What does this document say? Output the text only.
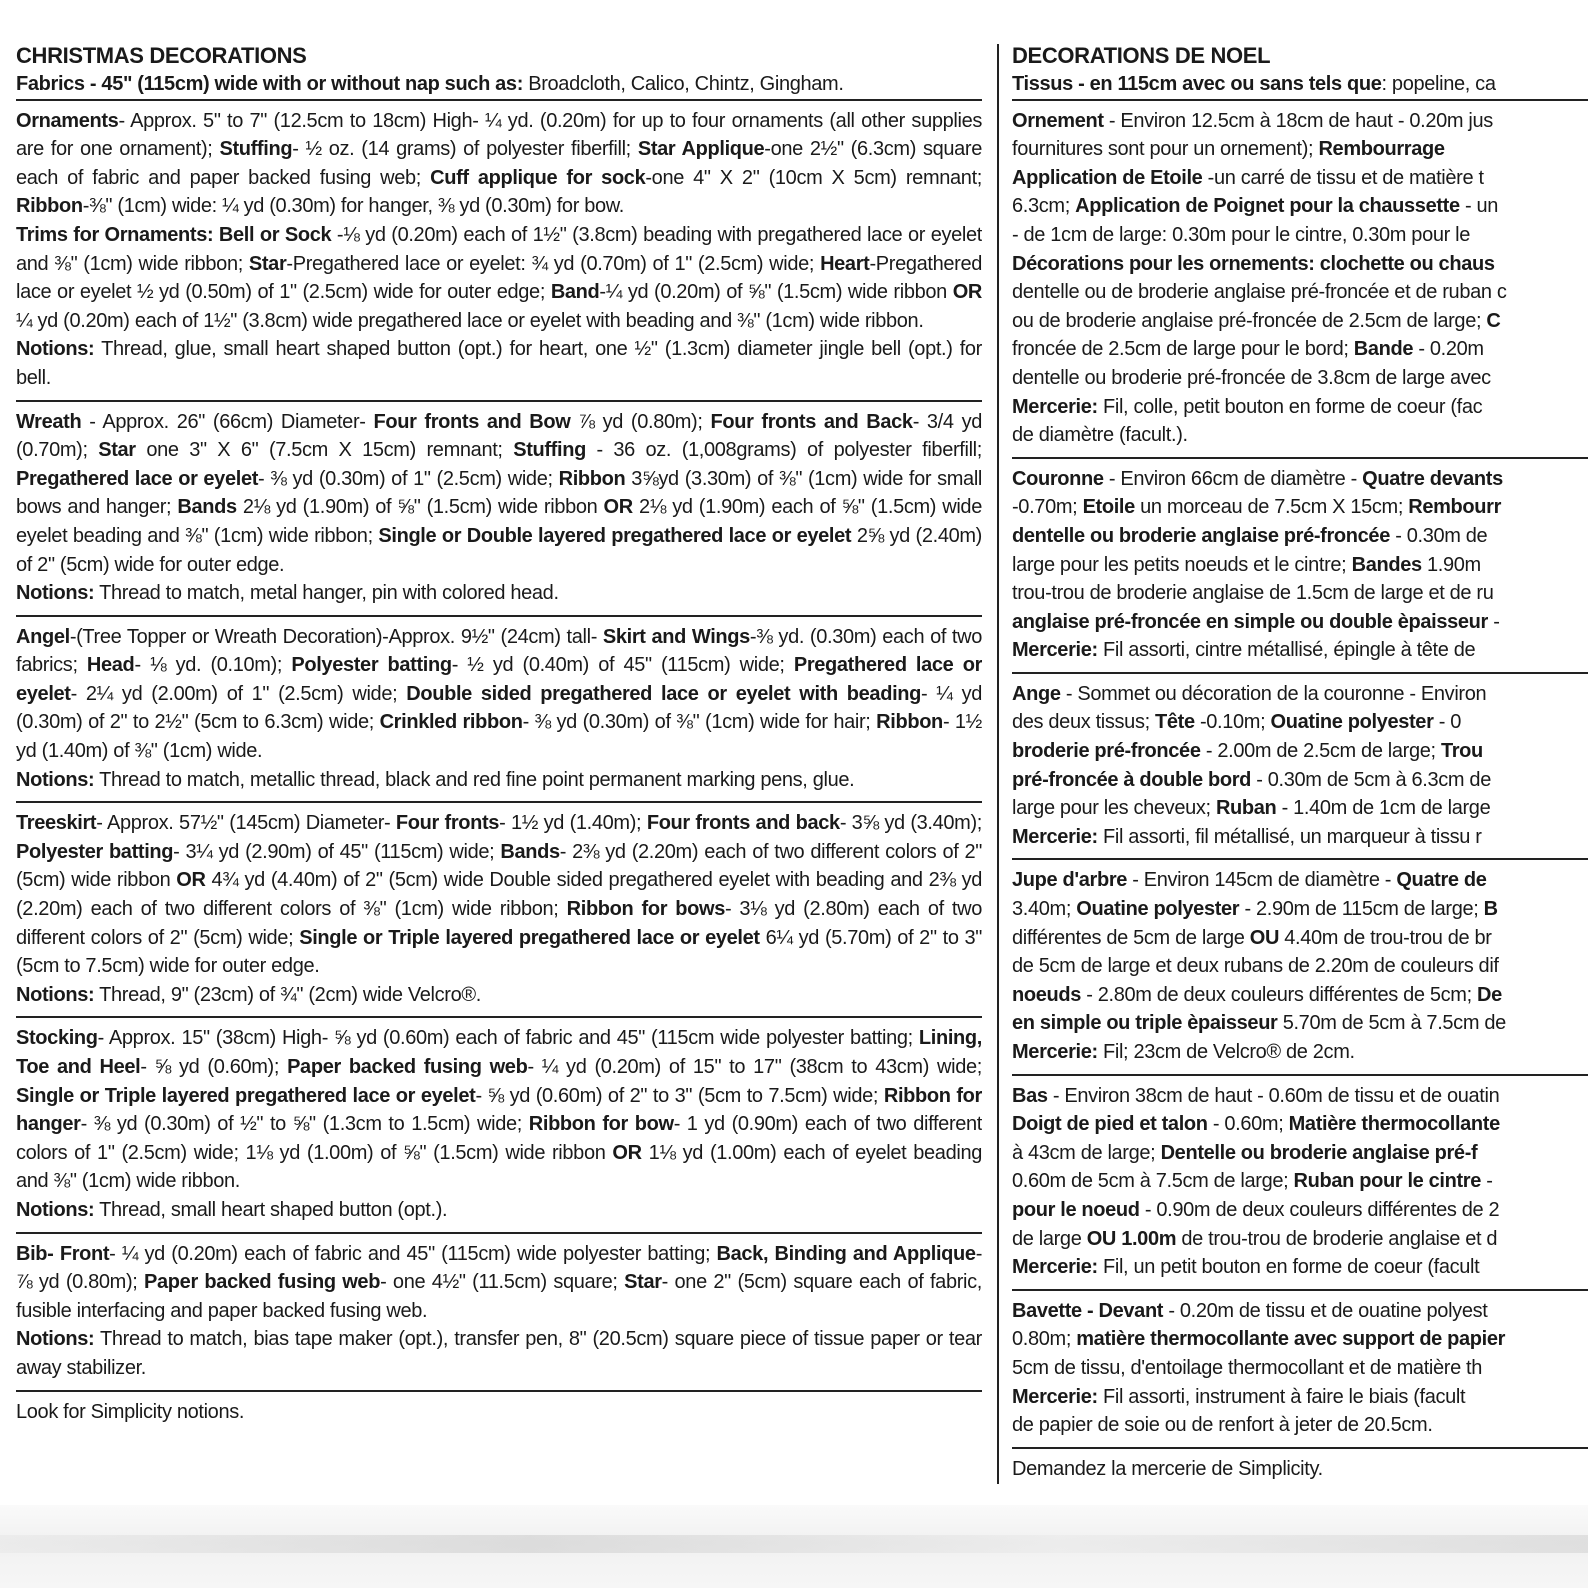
CHRISTMAS DECORATIONS
Fabrics - 45" (115cm) wide with or without nap such as: Broadcloth, Calico, Chintz, Gingham.
Ornaments- Approx. 5" to 7" (12.5cm to 18cm) High- ¼ yd. (0.20m) for up to four ornaments (all other supplies are for one ornament); Stuffing- ½ oz. (14 grams) of polyester fiberfill; Star Applique-one 2½" (6.3cm) square each of fabric and paper backed fusing web; Cuff applique for sock-one 4" X 2" (10cm X 5cm) remnant; Ribbon-⅜" (1cm) wide: ¼ yd (0.30m) for hanger, ⅜ yd (0.30m) for bow.
Trims for Ornaments: Bell or Sock -⅛ yd (0.20m) each of 1½" (3.8cm) beading with pregathered lace or eyelet and ⅜" (1cm) wide ribbon; Star-Pregathered lace or eyelet: ¾ yd (0.70m) of 1" (2.5cm) wide; Heart-Pregathered lace or eyelet ½ yd (0.50m) of 1" (2.5cm) wide for outer edge; Band-¼ yd (0.20m) of ⅝" (1.5cm) wide ribbon OR ¼ yd (0.20m) each of 1½" (3.8cm) wide pregathered lace or eyelet with beading and ⅜" (1cm) wide ribbon.
Notions: Thread, glue, small heart shaped button (opt.) for heart, one ½" (1.3cm) diameter jingle bell (opt.) for bell.
Wreath - Approx. 26" (66cm) Diameter- Four fronts and Bow ⅞ yd (0.80m); Four fronts and Back- 3/4 yd (0.70m); Star one 3" X 6" (7.5cm X 15cm) remnant; Stuffing - 36 oz. (1,008grams) of polyester fiberfill; Pregathered lace or eyelet- ⅜ yd (0.30m) of 1" (2.5cm) wide; Ribbon 3⅝yd (3.30m) of ⅜" (1cm) wide for small bows and hanger; Bands 2⅛ yd (1.90m) of ⅝" (1.5cm) wide ribbon OR 2⅛ yd (1.90m) each of ⅝" (1.5cm) wide eyelet beading and ⅜" (1cm) wide ribbon; Single or Double layered pregathered lace or eyelet 2⅝ yd (2.40m) of 2" (5cm) wide for outer edge.
Notions: Thread to match, metal hanger, pin with colored head.
Angel-(Tree Topper or Wreath Decoration)-Approx. 9½" (24cm) tall- Skirt and Wings-⅜ yd. (0.30m) each of two fabrics; Head- ⅛ yd. (0.10m); Polyester batting- ½ yd (0.40m) of 45" (115cm) wide; Pregathered lace or eyelet- 2¼ yd (2.00m) of 1" (2.5cm) wide; Double sided pregathered lace or eyelet with beading- ¼ yd (0.30m) of 2" to 2½" (5cm to 6.3cm) wide; Crinkled ribbon- ⅜ yd (0.30m) of ⅜" (1cm) wide for hair; Ribbon- 1½ yd (1.40m) of ⅜" (1cm) wide.
Notions: Thread to match, metallic thread, black and red fine point permanent marking pens, glue.
Treeskirt- Approx. 57½" (145cm) Diameter- Four fronts- 1½ yd (1.40m); Four fronts and back- 3⅝ yd (3.40m); Polyester batting- 3¼ yd (2.90m) of 45" (115cm) wide; Bands- 2⅜ yd (2.20m) each of two different colors of 2" (5cm) wide ribbon OR 4¾ yd (4.40m) of 2" (5cm) wide Double sided pregathered eyelet with beading and 2⅜ yd (2.20m) each of two different colors of ⅜" (1cm) wide ribbon; Ribbon for bows- 3⅛ yd (2.80m) each of two different colors of 2" (5cm) wide; Single or Triple layered pregathered lace or eyelet 6¼ yd (5.70m) of 2" to 3" (5cm to 7.5cm) wide for outer edge.
Notions: Thread, 9" (23cm) of ¾" (2cm) wide Velcro®.
Stocking- Approx. 15" (38cm) High- ⅝ yd (0.60m) each of fabric and 45" (115cm wide polyester batting; Lining, Toe and Heel- ⅝ yd (0.60m); Paper backed fusing web- ¼ yd (0.20m) of 15" to 17" (38cm to 43cm) wide; Single or Triple layered pregathered lace or eyelet- ⅝ yd (0.60m) of 2" to 3" (5cm to 7.5cm) wide; Ribbon for hanger- ⅜ yd (0.30m) of ½" to ⅝" (1.3cm to 1.5cm) wide; Ribbon for bow- 1 yd (0.90m) each of two different colors of 1" (2.5cm) wide; 1⅛ yd (1.00m) of ⅝" (1.5cm) wide ribbon OR 1⅛ yd (1.00m) each of eyelet beading and ⅜" (1cm) wide ribbon.
Notions: Thread, small heart shaped button (opt.).
Bib- Front- ¼ yd (0.20m) each of fabric and 45" (115cm) wide polyester batting; Back, Binding and Applique- ⅞ yd (0.80m); Paper backed fusing web- one 4½" (11.5cm) square; Star- one 2" (5cm) square each of fabric, fusible interfacing and paper backed fusing web.
Notions: Thread to match, bias tape maker (opt.), transfer pen, 8" (20.5cm) square piece of tissue paper or tear away stabilizer.
Look for Simplicity notions.
DECORATIONS DE NOEL
Tissus - en 115cm avec ou sans tels que: popeline, ca
Ornement - Environ 12.5cm à 18cm de haut - 0.20m jus
fournitures sont pour un ornement); Rembourrage
Application de Etoile -un carré de tissu et de matière t
6.3cm; Application de Poignet pour la chaussette - un
- de 1cm de large: 0.30m pour le cintre, 0.30m pour le
Décorations pour les ornements: clochette ou chaus
dentelle ou de broderie anglaise pré-froncée et de ruban c
ou de broderie anglaise pré-froncée de 2.5cm de large; C
froncée de 2.5cm de large pour le bord; Bande - 0.20m
dentelle ou broderie pré-froncée de 3.8cm de large avec
Mercerie: Fil, colle, petit bouton en forme de coeur (fac
de diamètre (facult.).
Couronne - Environ 66cm de diamètre - Quatre devants
-0.70m; Etoile un morceau de 7.5cm X 15cm; Rembourr
dentelle ou broderie anglaise pré-froncée - 0.30m de
large pour les petits noeuds et le cintre; Bandes 1.90m
trou-trou de broderie anglaise de 1.5cm de large et de ru
anglaise pré-froncée en simple ou double èpaisseur -
Mercerie: Fil assorti, cintre métallisé, épingle à tête de
Ange - Sommet ou décoration de la couronne - Environ
des deux tissus; Tête -0.10m; Ouatine polyester - 0
broderie pré-froncée - 2.00m de 2.5cm de large; Trou
pré-froncée à double bord - 0.30m de 5cm à 6.3cm de
large pour les cheveux; Ruban - 1.40m de 1cm de large
Mercerie: Fil assorti, fil métallisé, un marqueur à tissu r
Jupe d'arbre - Environ 145cm de diamètre - Quatre de
3.40m; Ouatine polyester - 2.90m de 115cm de large; B
différentes de 5cm de large OU 4.40m de trou-trou de br
de 5cm de large et deux rubans de 2.20m de couleurs dif
noeuds - 2.80m de deux couleurs différentes de 5cm; De
en simple ou triple èpaisseur 5.70m de 5cm à 7.5cm de
Mercerie: Fil; 23cm de Velcro® de 2cm.
Bas - Environ 38cm de haut - 0.60m de tissu et de ouatin
Doigt de pied et talon - 0.60m; Matière thermocollante
à 43cm de large; Dentelle ou broderie anglaise pré-f
0.60m de 5cm à 7.5cm de large; Ruban pour le cintre -
pour le noeud - 0.90m de deux couleurs différentes de 2
de large OU 1.00m de trou-trou de broderie anglaise et d
Mercerie: Fil, un petit bouton en forme de coeur (facult
Bavette - Devant - 0.20m de tissu et de ouatine polyest
0.80m; matière thermocollante avec support de papier
5cm de tissu, d'entoilage thermocollant et de matière th
Mercerie: Fil assorti, instrument à faire le biais (facult
de papier de soie ou de renfort à jeter de 20.5cm.
Demandez la mercerie de Simplicity.
